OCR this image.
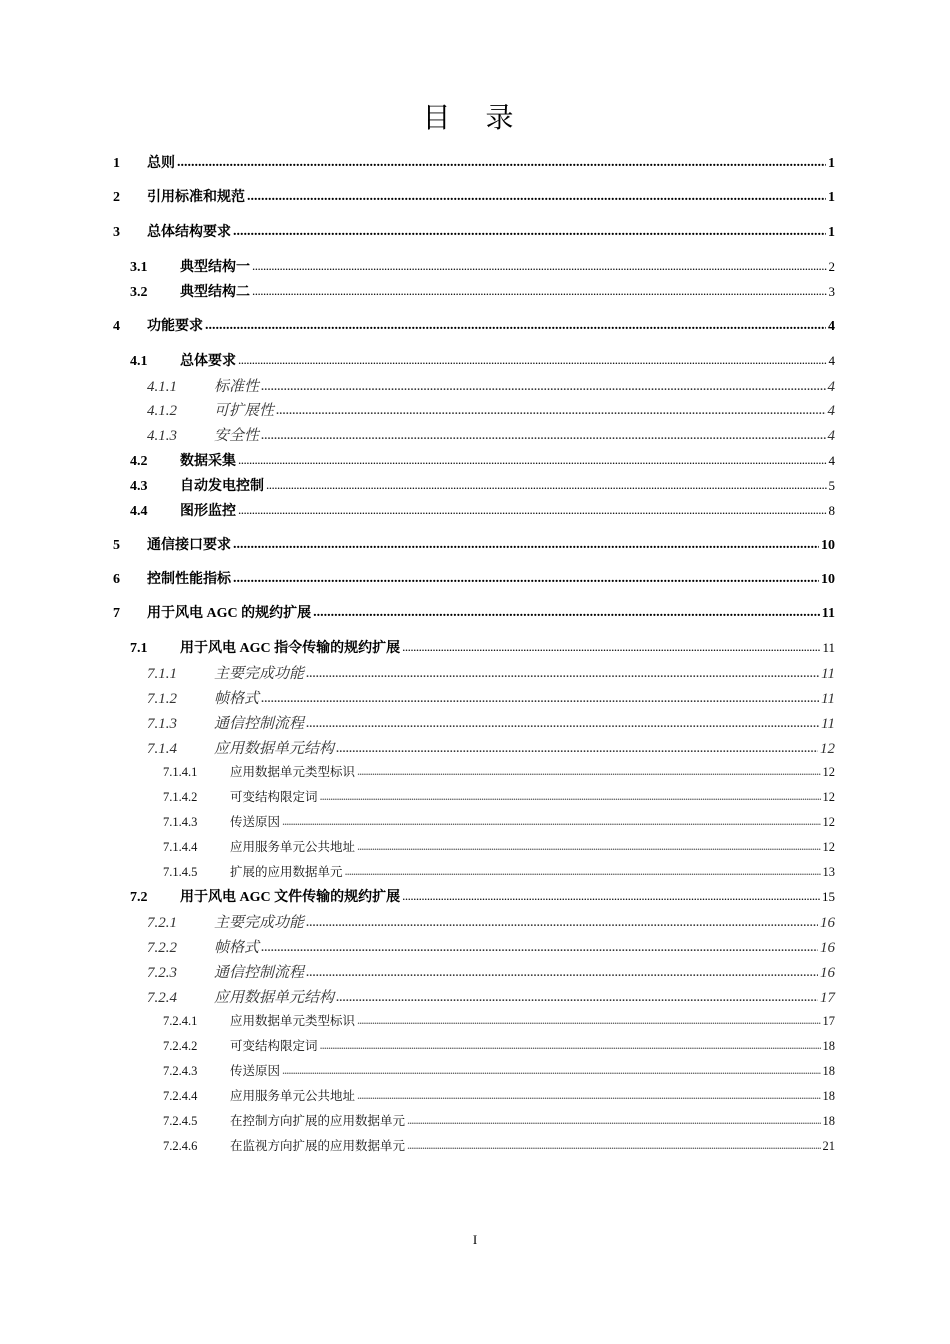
目 录
1	总则 .....	1
2	引用标准和规范 .....	1
3	总体结构要求 .....	1
3.1	典型结构一 .....	2
3.2	典型结构二 .....	3
4	功能要求 .....	4
4.1	总体要求 .....	4
4.1.1	标准性 .....	4
4.1.2	可扩展性 .....	4
4.1.3	安全性 .....	4
4.2	数据采集 .....	4
4.3	自动发电控制 .....	5
4.4	图形监控 .....	8
5	通信接口要求 .....	10
6	控制性能指标 .....	10
7	用于风电 AGC 的规约扩展 .....	11
7.1	用于风电 AGC 指令传输的规约扩展 .....	11
7.1.1	主要完成功能 .....	11
7.1.2	帧格式 .....	11
7.1.3	通信控制流程 .....	11
7.1.4	应用数据单元结构 .....	12
7.1.4.1	应用数据单元类型标识 .....	12
7.1.4.2	可变结构限定词 .....	12
7.1.4.3	传送原因 .....	12
7.1.4.4	应用服务单元公共地址 .....	12
7.1.4.5	扩展的应用数据单元 .....	13
7.2	用于风电 AGC 文件传输的规约扩展 .....	15
7.2.1	主要完成功能 .....	16
7.2.2	帧格式 .....	16
7.2.3	通信控制流程 .....	16
7.2.4	应用数据单元结构 .....	17
7.2.4.1	应用数据单元类型标识 .....	17
7.2.4.2	可变结构限定词 .....	18
7.2.4.3	传送原因 .....	18
7.2.4.4	应用服务单元公共地址 .....	18
7.2.4.5	在控制方向扩展的应用数据单元 .....	18
7.2.4.6	在监视方向扩展的应用数据单元 .....	21
I
